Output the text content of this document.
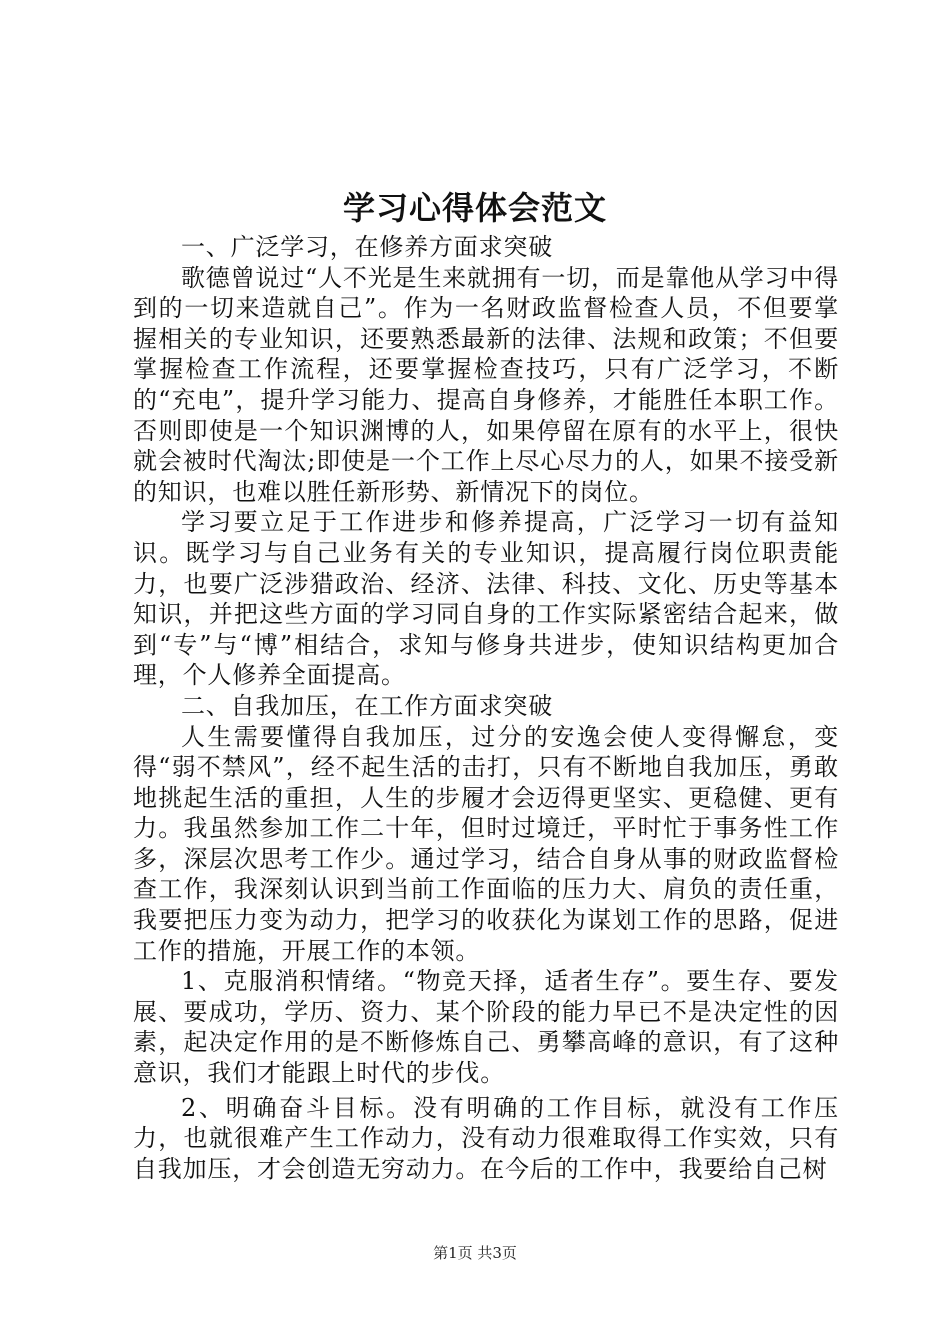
学习心得体会范文

一、广泛学习，在修养方面求突破

歌德曾说过“人不光是生来就拥有一切，而是靠他从学习中得到的一切来造就自己”。作为一名财政监督检查人员，不但要掌握相关的专业知识，还要熟悉最新的法律、法规和政策；不但要掌握检查工作流程，还要掌握检查技巧，只有广泛学习，不断的“充电”，提升学习能力、提高自身修养，才能胜任本职工作。否则即使是一个知识渊博的人，如果停留在原有的水平上，很快就会被时代淘汰;即使是一个工作上尽心尽力的人，如果不接受新的知识，也难以胜任新形势、新情况下的岗位。

学习要立足于工作进步和修养提高，广泛学习一切有益知识。既学习与自己业务有关的专业知识，提高履行岗位职责能力，也要广泛涉猎政治、经济、法律、科技、文化、历史等基本知识，并把这些方面的学习同自身的工作实际紧密结合起来，做到“专”与“博”相结合，求知与修身共进步，使知识结构更加合理，个人修养全面提高。

二、自我加压，在工作方面求突破

人生需要懂得自我加压，过分的安逸会使人变得懈怠，变得“弱不禁风”，经不起生活的击打，只有不断地自我加压，勇敢地挑起生活的重担，人生的步履才会迈得更坚实、更稳健、更有力。我虽然参加工作二十年，但时过境迁，平时忙于事务性工作多，深层次思考工作少。通过学习，结合自身从事的财政监督检查工作，我深刻认识到当前工作面临的压力大、肩负的责任重，我要把压力变为动力，把学习的收获化为谋划工作的思路，促进工作的措施，开展工作的本领。

1、克服消积情绪。“物竞天择，适者生存”。要生存、要发展、要成功，学历、资力、某个阶段的能力早已不是决定性的因素，起决定作用的是不断修炼自己、勇攀高峰的意识，有了这种意识，我们才能跟上时代的步伐。

2、明确奋斗目标。没有明确的工作目标，就没有工作压力，也就很难产生工作动力，没有动力很难取得工作实效，只有自我加压，才会创造无穷动力。在今后的工作中，我要给自己树

第1页 共3页
